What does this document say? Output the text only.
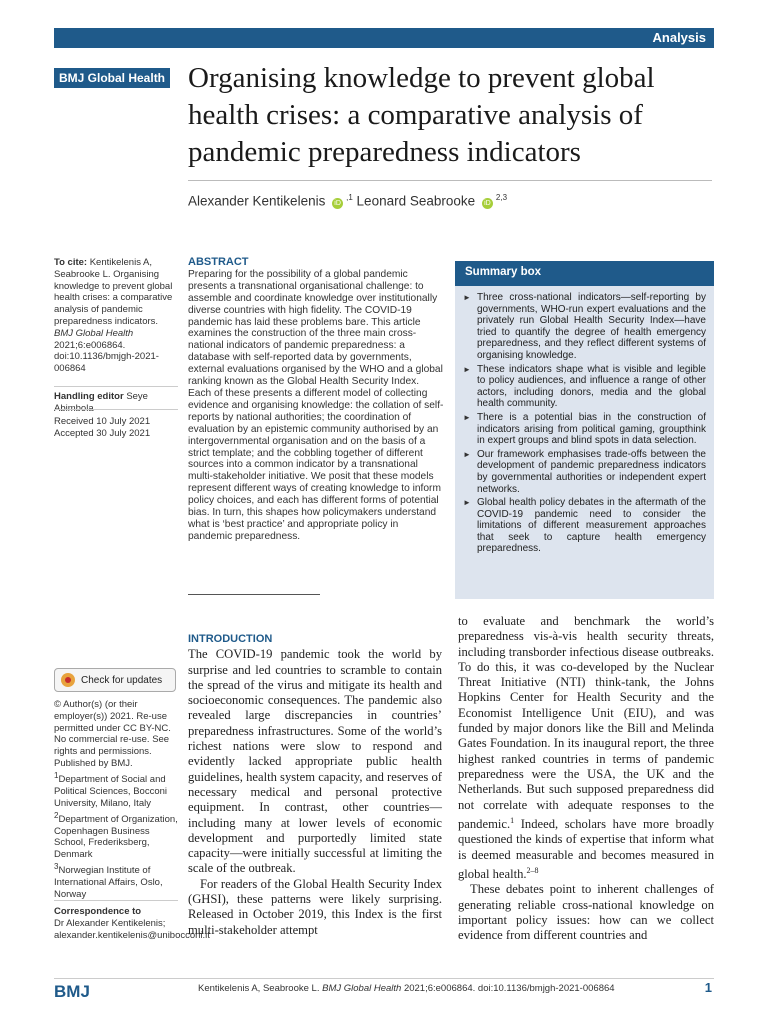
Analysis
BMJ Global Health Organising knowledge to prevent global health crises: a comparative analysis of pandemic preparedness indicators
Alexander Kentikelenis $iD^{,1}$ Leonard Seabrooke iD$^{2,3}$
To cite: Kentikelenis A, Seabrooke L. Organising knowledge to prevent global health crises: a comparative analysis of pandemic preparedness indicators. BMJ Global Health 2021;6:e006864. doi:10.1136/bmjgh-2021-006864
Handling editor Seye
Received 10 July 2021
Accepted 30 July 2021
Check for updates
© Author(s) (or their employer(s)) 2021. Re-use permitted under CC BY-NC. No commercial re-use. See rights and permissions. Published by BMJ.
$^1$Department of Social and Political Sciences, Bocconi University, Milano, Italy
$^2$Department of Organization, Copenhagen Business School, Frederiksberg, Denmark
$^3$Norwegian Institute of International Affairs, Oslo, Norway
Correspondence to
Dr Alexander Kentikelenis; alexander.kentikelenis@unibocconi.it
ABSTRACT
Preparing for the possibility of a global pandemic presents a transnational organisational challenge: to assemble and coordinate knowledge over institutionally diverse countries with high fidelity. The COVID-19 pandemic has laid these problems bare. This article examines the construction of the three main cross-national indicators of pandemic preparedness: a database with self-reported data by governments, external evaluations organised by the WHO and a global ranking known as the Global Health Security Index. Each of these presents a different model of collecting evidence and organising knowledge: the collation of self-reports by national authorities; the coordination of evaluation by an epistemic community authorised by an intergovernmental organisation and on the basis of a strict template; and the cobbling together of different sources into a common indicator by a transnational multi-stakeholder initiative. We posit that these models represent different ways of creating knowledge to inform policy choices, and each has different forms of potential bias. In turn, this shapes how policymakers understand what is ‘best practice’ and appropriate policy in pandemic preparedness.
Summary box
► Three cross-national indicators—self-reporting by governments, WHO-run expert evaluations and the privately run Global Health Security Index—have tried to quantify the degree of health emergency preparedness, and they reflect different systems of organising knowledge.
► These indicators shape what is visible and legible to policy audiences, and influence a range of other actors, including donors, media and the global health community.
► There is a potential bias in the construction of indicators arising from political gaming, groupthink in expert groups and blind spots in data selection.
► Our framework emphasises trade-offs between the development of pandemic preparedness indicators by governmental authorities or independent expert networks.
► Global health policy debates in the aftermath of the COVID-19 pandemic need to consider the limitations of different measurement approaches that seek to capture health emergency preparedness.
INTRODUCTION

The COVID-19 pandemic took the world by surprise and led countries to scramble to contain the spread of the virus and mitigate its health and socioeconomic consequences. The pandemic also revealed large discrepancies in countries’ preparedness infrastructures. Some of the world’s richest nations were slow to respond and evidently lacked appropriate public health guidelines, health system capacity, and reserves of necessary medical and personal protective equipment. In contrast, other countries—including many at lower levels of economic development and purportedly limited state capacity—were initially successful at limiting the scale of the outbreak.

For readers of the Global Health Security Index (GHSI), these patterns were likely surprising. Released in October 2019, this Index is the first multi-stakeholder attempt

to evaluate and benchmark the world’s preparedness vis-à-vis health security threats, including transborder infectious disease outbreaks. To do this, it was co-developed by the Nuclear Threat Initiative (NTI) think-tank, the Johns Hopkins Center for Health Security and the Economist Intelligence Unit (EIU), and was funded by major donors like the Bill and Melinda Gates Foundation. In its inaugural report, the three highest ranked countries in terms of pandemic preparedness were the USA, the UK and the Netherlands. But such supposed preparedness did not correlate with adequate responses to the pandemic.$^1$ Indeed, scholars have more broadly questioned the kinds of expertise that inform what is deemed measurable and becomes measured in global health.$^{2-8}$

These debates point to inherent challenges of generating reliable cross-national knowledge on important policy issues: how can we collect evidence from different countries and

BMJ	Kentikelenis A, Seabrooke L. BMJ Global Health 2021;6:e006864. doi:10.1136/bmjgh-2021-006864	1
